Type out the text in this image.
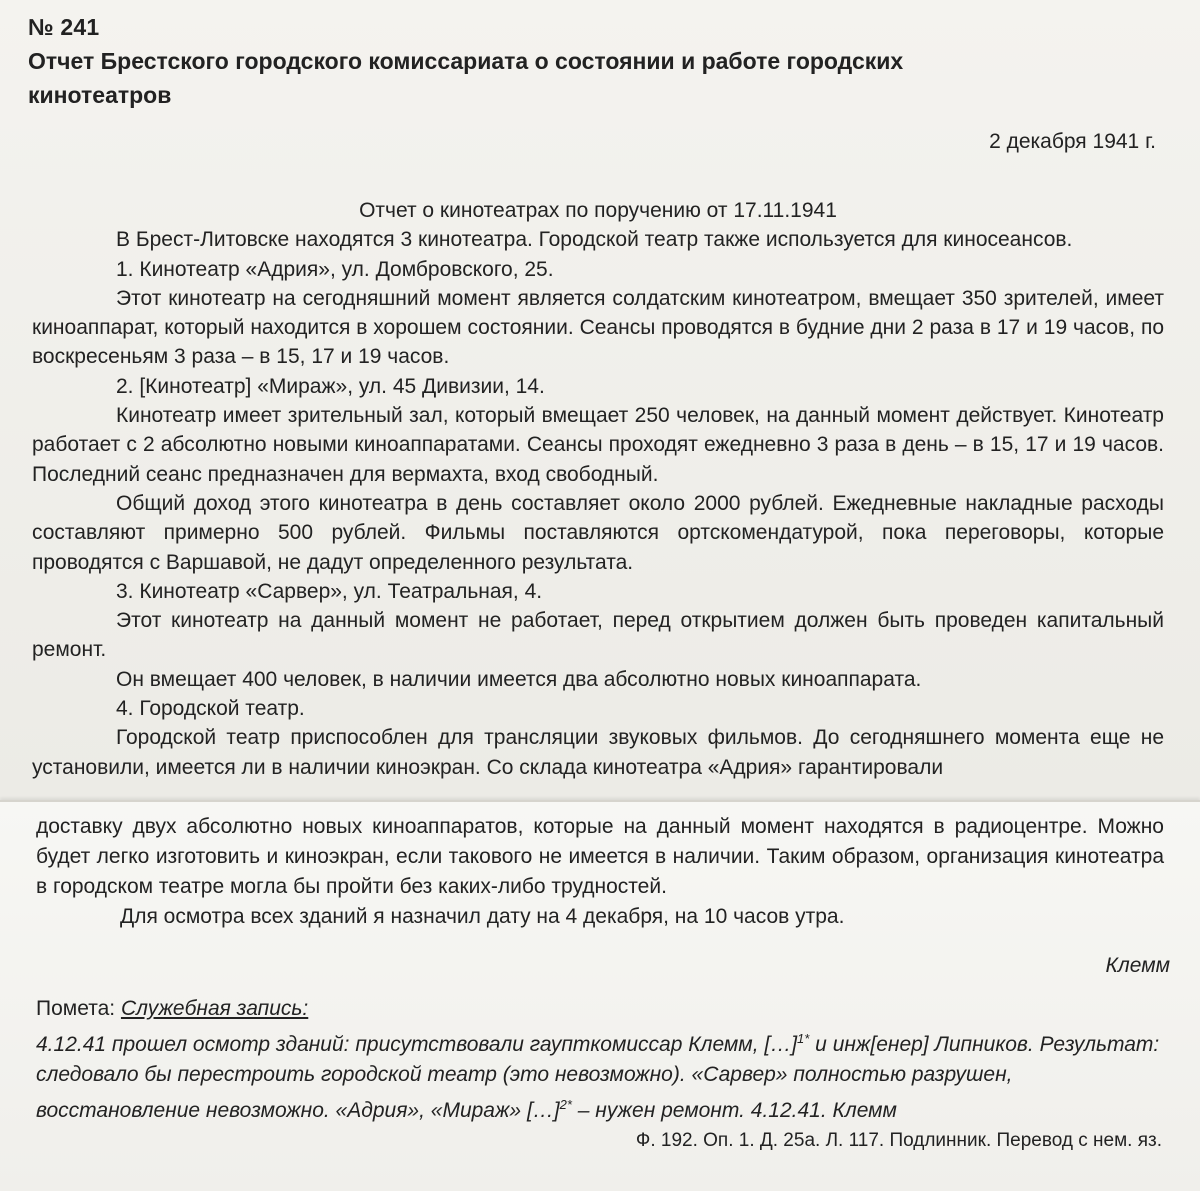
№ 241
Отчет Брестского городского комиссариата о состоянии и работе городских кинотеатров
2 декабря 1941 г.

Отчет о кинотеатрах по поручению от 17.11.1941

В Брест-Литовске находятся 3 кинотеатра. Городской театр также используется для киносеансов.

1. Кинотеатр «Адрия», ул. Домбровского, 25.

Этот кинотеатр на сегодняшний момент является солдатским кинотеатром, вмещает 350 зрителей, имеет киноаппарат, который находится в хорошем состоянии. Сеансы проводятся в будние дни 2 раза в 17 и 19 часов, по воскресеньям 3 раза – в 15, 17 и 19 часов.

2. [Кинотеатр] «Мираж», ул. 45 Дивизии, 14.

Кинотеатр имеет зрительный зал, который вмещает 250 человек, на данный момент действует. Кинотеатр работает с 2 абсолютно новыми киноаппаратами. Сеансы проходят ежедневно 3 раза в день – в 15, 17 и 19 часов. Последний сеанс предназначен для вермахта, вход свободный.

Общий доход этого кинотеатра в день составляет около 2000 рублей. Ежедневные накладные расходы составляют примерно 500 рублей. Фильмы поставляются ортскомендатурой, пока переговоры, которые проводятся с Варшавой, не дадут определенного результата.

3. Кинотеатр «Сарвер», ул. Театральная, 4.

Этот кинотеатр на данный момент не работает, перед открытием должен быть проведен капитальный ремонт.

Он вмещает 400 человек, в наличии имеется два абсолютно новых киноаппарата.

4. Городской театр.

Городской театр приспособлен для трансляции звуковых фильмов. До сегодняшнего момента еще не установили, имеется ли в наличии киноэкран. Со склада кинотеатра «Адрия» гарантировали

доставку двух абсолютно новых киноаппаратов, которые на данный момент находятся в радиоцентре. Можно будет легко изготовить и киноэкран, если такового не имеется в наличии. Таким образом, организация кинотеатра в городском театре могла бы пройти без каких-либо трудностей.

Для осмотра всех зданий я назначил дату на 4 декабря, на 10 часов утра.

Клемм

Помета: Служебная запись:

4.12.41 прошел осмотр зданий: присутствовали гаупткомиссар Клемм, […]$^{1*}$ и инж[енер] Липников. Результат: следовало бы перестроить городской театр (это невозможно). «Сарвер» полностью разрушен, восстановление невозможно. «Адрия», «Мираж» […]$^{2*}$ – нужен ремонт. 4.12.41. Клемм

Ф. 192. Оп. 1. Д. 25а. Л. 117. Подлинник. Перевод с нем. яз.
